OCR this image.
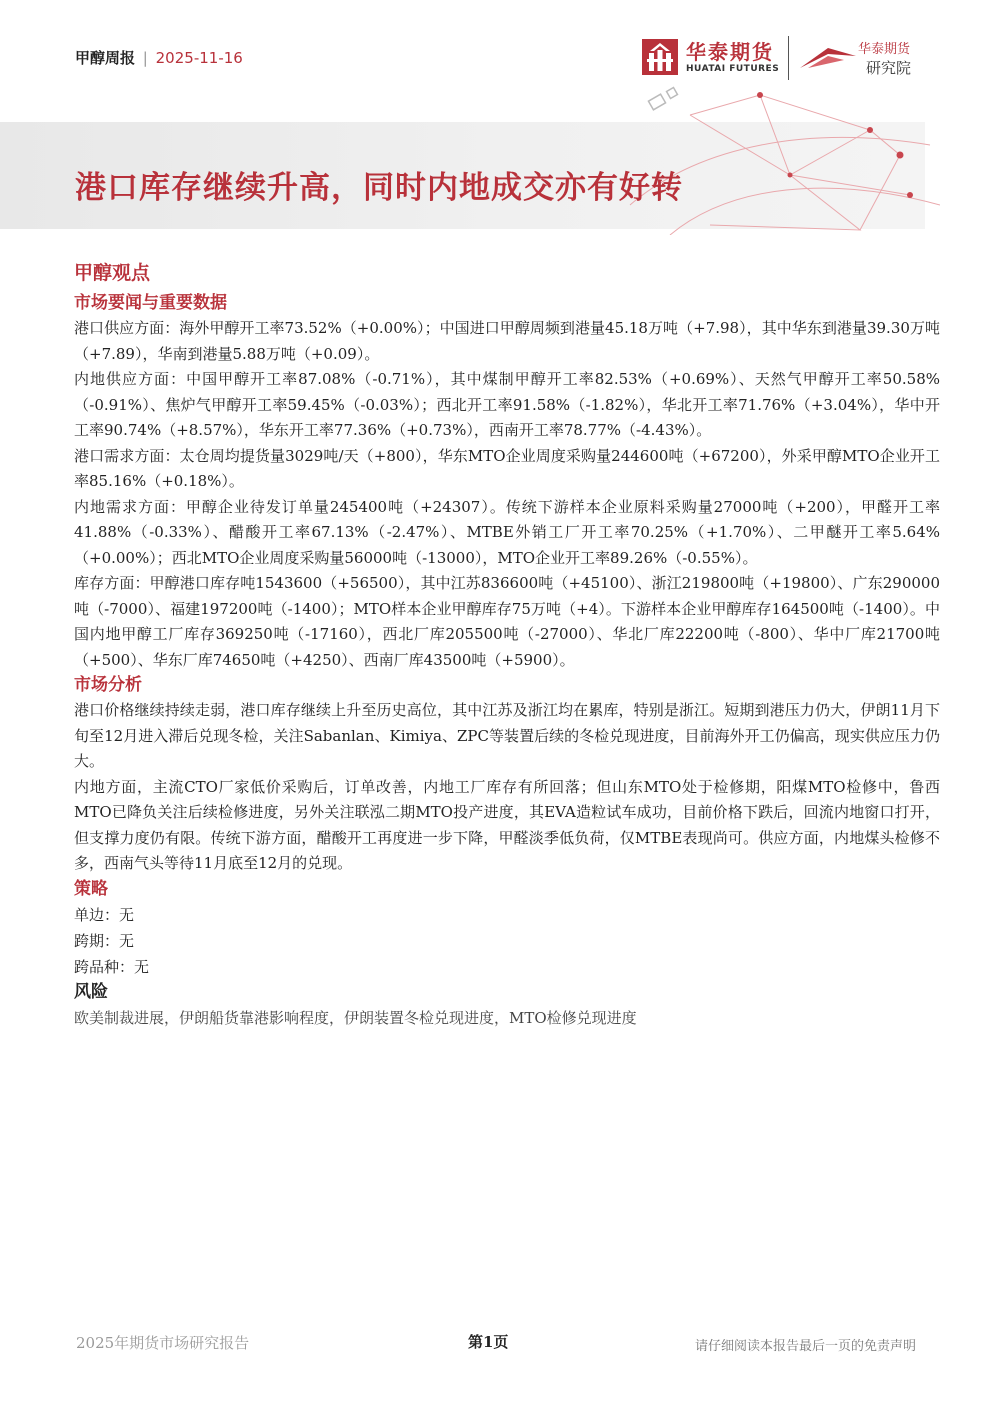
甲醇周报 | 2025-11-16	华泰期货
HUATAI FUTURES
华泰期货
研究院
港口库存继续升高，同时内地成交亦有好转
甲醇观点
市场要闻与重要数据

港口供应方面：海外甲醇开工率73.52%（+0.00%）；中国进口甲醇周频到港量45.18万吨（+7.98），其中华东到港量39.30万吨（+7.89），华南到港量5.88万吨（+0.09）。

内地供应方面：中国甲醇开工率87.08%（-0.71%），其中煤制甲醇开工率82.53%（+0.69%）、天然气甲醇开工率50.58%（-0.91%）、焦炉气甲醇开工率59.45%（-0.03%）；西北开工率91.58%（-1.82%），华北开工率71.76%（+3.04%），华中开工率90.74%（+8.57%），华东开工率77.36%（+0.73%），西南开工率78.77%（-4.43%）。

港口需求方面：太仓周均提货量3029吨/天（+800），华东MTO企业周度采购量244600吨（+67200），外采甲醇MTO企业开工率85.16%（+0.18%）。

内地需求方面：甲醇企业待发订单量245400吨（+24307）。传统下游样本企业原料采购量27000吨（+200），甲醛开工率41.88%（-0.33%）、醋酸开工率67.13%（-2.47%）、MTBE外销工厂开工率70.25%（+1.70%）、二甲醚开工率5.64%（+0.00%）；西北MTO企业周度采购量56000吨（-13000），MTO企业开工率89.26%（-0.55%）。

库存方面：甲醇港口库存吨1543600（+56500），其中江苏836600吨（+45100）、浙江219800吨（+19800）、广东290000吨（-7000）、福建197200吨（-1400）；MTO样本企业甲醇库存75万吨（+4）。下游样本企业甲醇库存164500吨（-1400）。中国内地甲醇工厂库存369250吨（-17160），西北厂库205500吨（-27000）、华北厂库22200吨（-800）、华中厂库21700吨（+500）、华东厂库74650吨（+4250）、西南厂库43500吨（+5900）。

市场分析

港口价格继续持续走弱，港口库存继续上升至历史高位，其中江苏及浙江均在累库，特别是浙江。短期到港压力仍大，伊朗11月下旬至12月进入滞后兑现冬检，关注Sabanlan、Kimiya、ZPC等装置后续的冬检兑现进度，目前海外开工仍偏高，现实供应压力仍大。

内地方面，主流CTO厂家低价采购后，订单改善，内地工厂库存有所回落；但山东MTO处于检修期，阳煤MTO检修中，鲁西MTO已降负关注后续检修进度，另外关注联泓二期MTO投产进度，其EVA造粒试车成功，目前价格下跌后，回流内地窗口打开，但支撑力度仍有限。传统下游方面，醋酸开工再度进一步下降，甲醛淡季低负荷，仅MTBE表现尚可。供应方面，内地煤头检修不多，西南气头等待11月底至12月的兑现。

策略

单边：无

跨期：无

跨品种：无

风险

欧美制裁进展，伊朗船货靠港影响程度，伊朗装置冬检兑现进度，MTO检修兑现进度

2025年期货市场研究报告	第1页	请仔细阅读本报告最后一页的免责声明
